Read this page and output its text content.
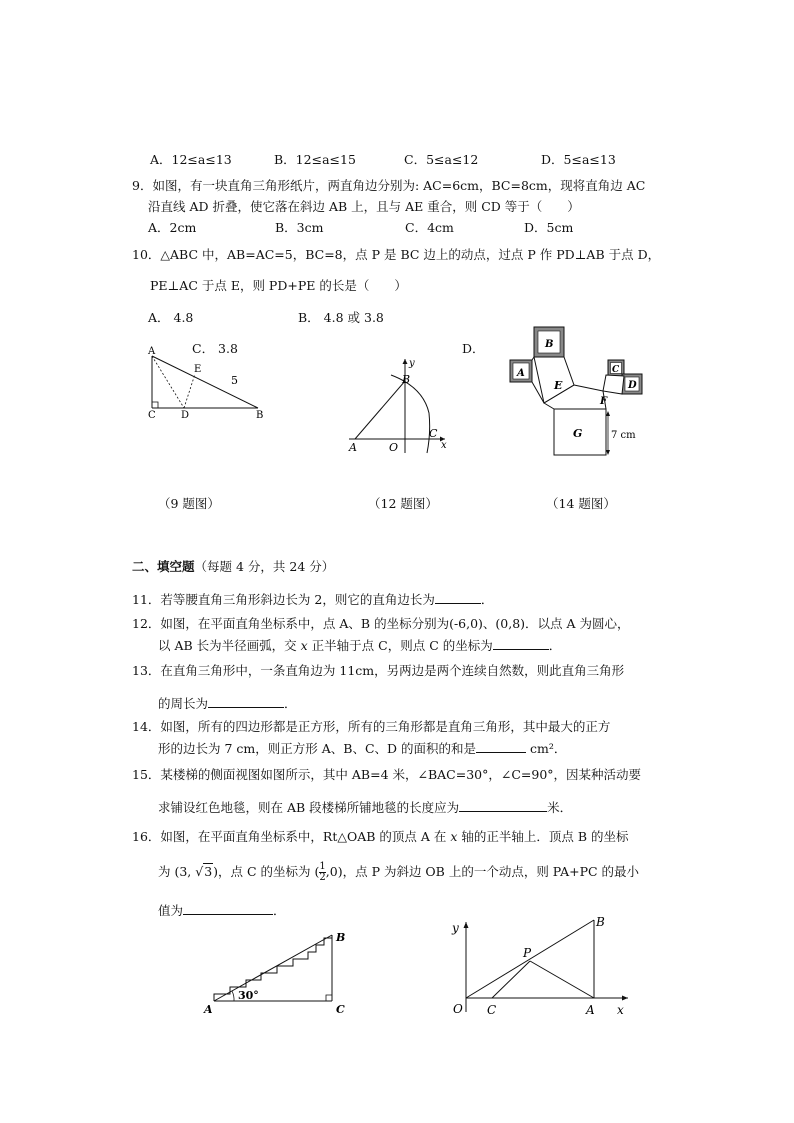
A．12≤a≤13	B．12≤a≤15	C．5≤a≤12	D．5≤a≤13
9．如图，有一块直角三角形纸片，两直角边分别为: AC=6cm，BC=8cm，现将直角边 AC
沿直线 AD 折叠，使它落在斜边 AB 上，且与 AE 重合，则 CD 等于（　　）
A．2cm	B．3cm	C．4cm	D．5cm
10．△ABC 中，AB=AC=5，BC=8，点 P 是 BC 边上的动点，过点 P 作 PD⊥AB 于点 D，
PE⊥AC 于点 E，则 PD+PE 的长是（　　）
A． 4.8	B． 4.8 或 3.8
C． 3.8	D．
A
C	D	B
E
5
y
x
B
A	O
C
B
A	C
D
E
F
G	7 cm
（9 题图）	（12 题图）	（14 题图）
二、填空题（每题 4 分，共 24 分）
11．若等腰直角三角形斜边长为 2，则它的直角边长为	．
12．如图，在平面直角坐标系中，点 A、B 的坐标分别为(-6,0)、(0,8)．以点 A 为圆心，
以 AB 长为半径画弧，交 x 正半轴于点 C，则点 C 的坐标为	．
13．在直角三角形中，一条直角边为 11cm，另两边是两个连续自然数，则此直角三角形
的周长为	．
14．如图，所有的四边形都是正方形，所有的三角形都是直角三角形，其中最大的正方
形的边长为 7 cm，则正方形 A、B、C、D 的面积的和是	cm²．
15．某楼梯的侧面视图如图所示，其中 AB=4 米，∠BAC=30°，∠C=90°，因某种活动要
求铺设红色地毯，则在 AB 段楼梯所铺地毯的长度应为	米．
16．如图，在平面直角坐标系中，Rt△OAB 的顶点 A 在 x 轴的正半轴上．顶点 B 的坐标
为 (3, √3)，点 C 的坐标为 ( $\frac{1}{2} ,0$)，点 P 为斜边 OB 上的一个动点，则 PA+PC 的最小
值为	．
30°
A	C
B
y
x
O C	A
B
P
